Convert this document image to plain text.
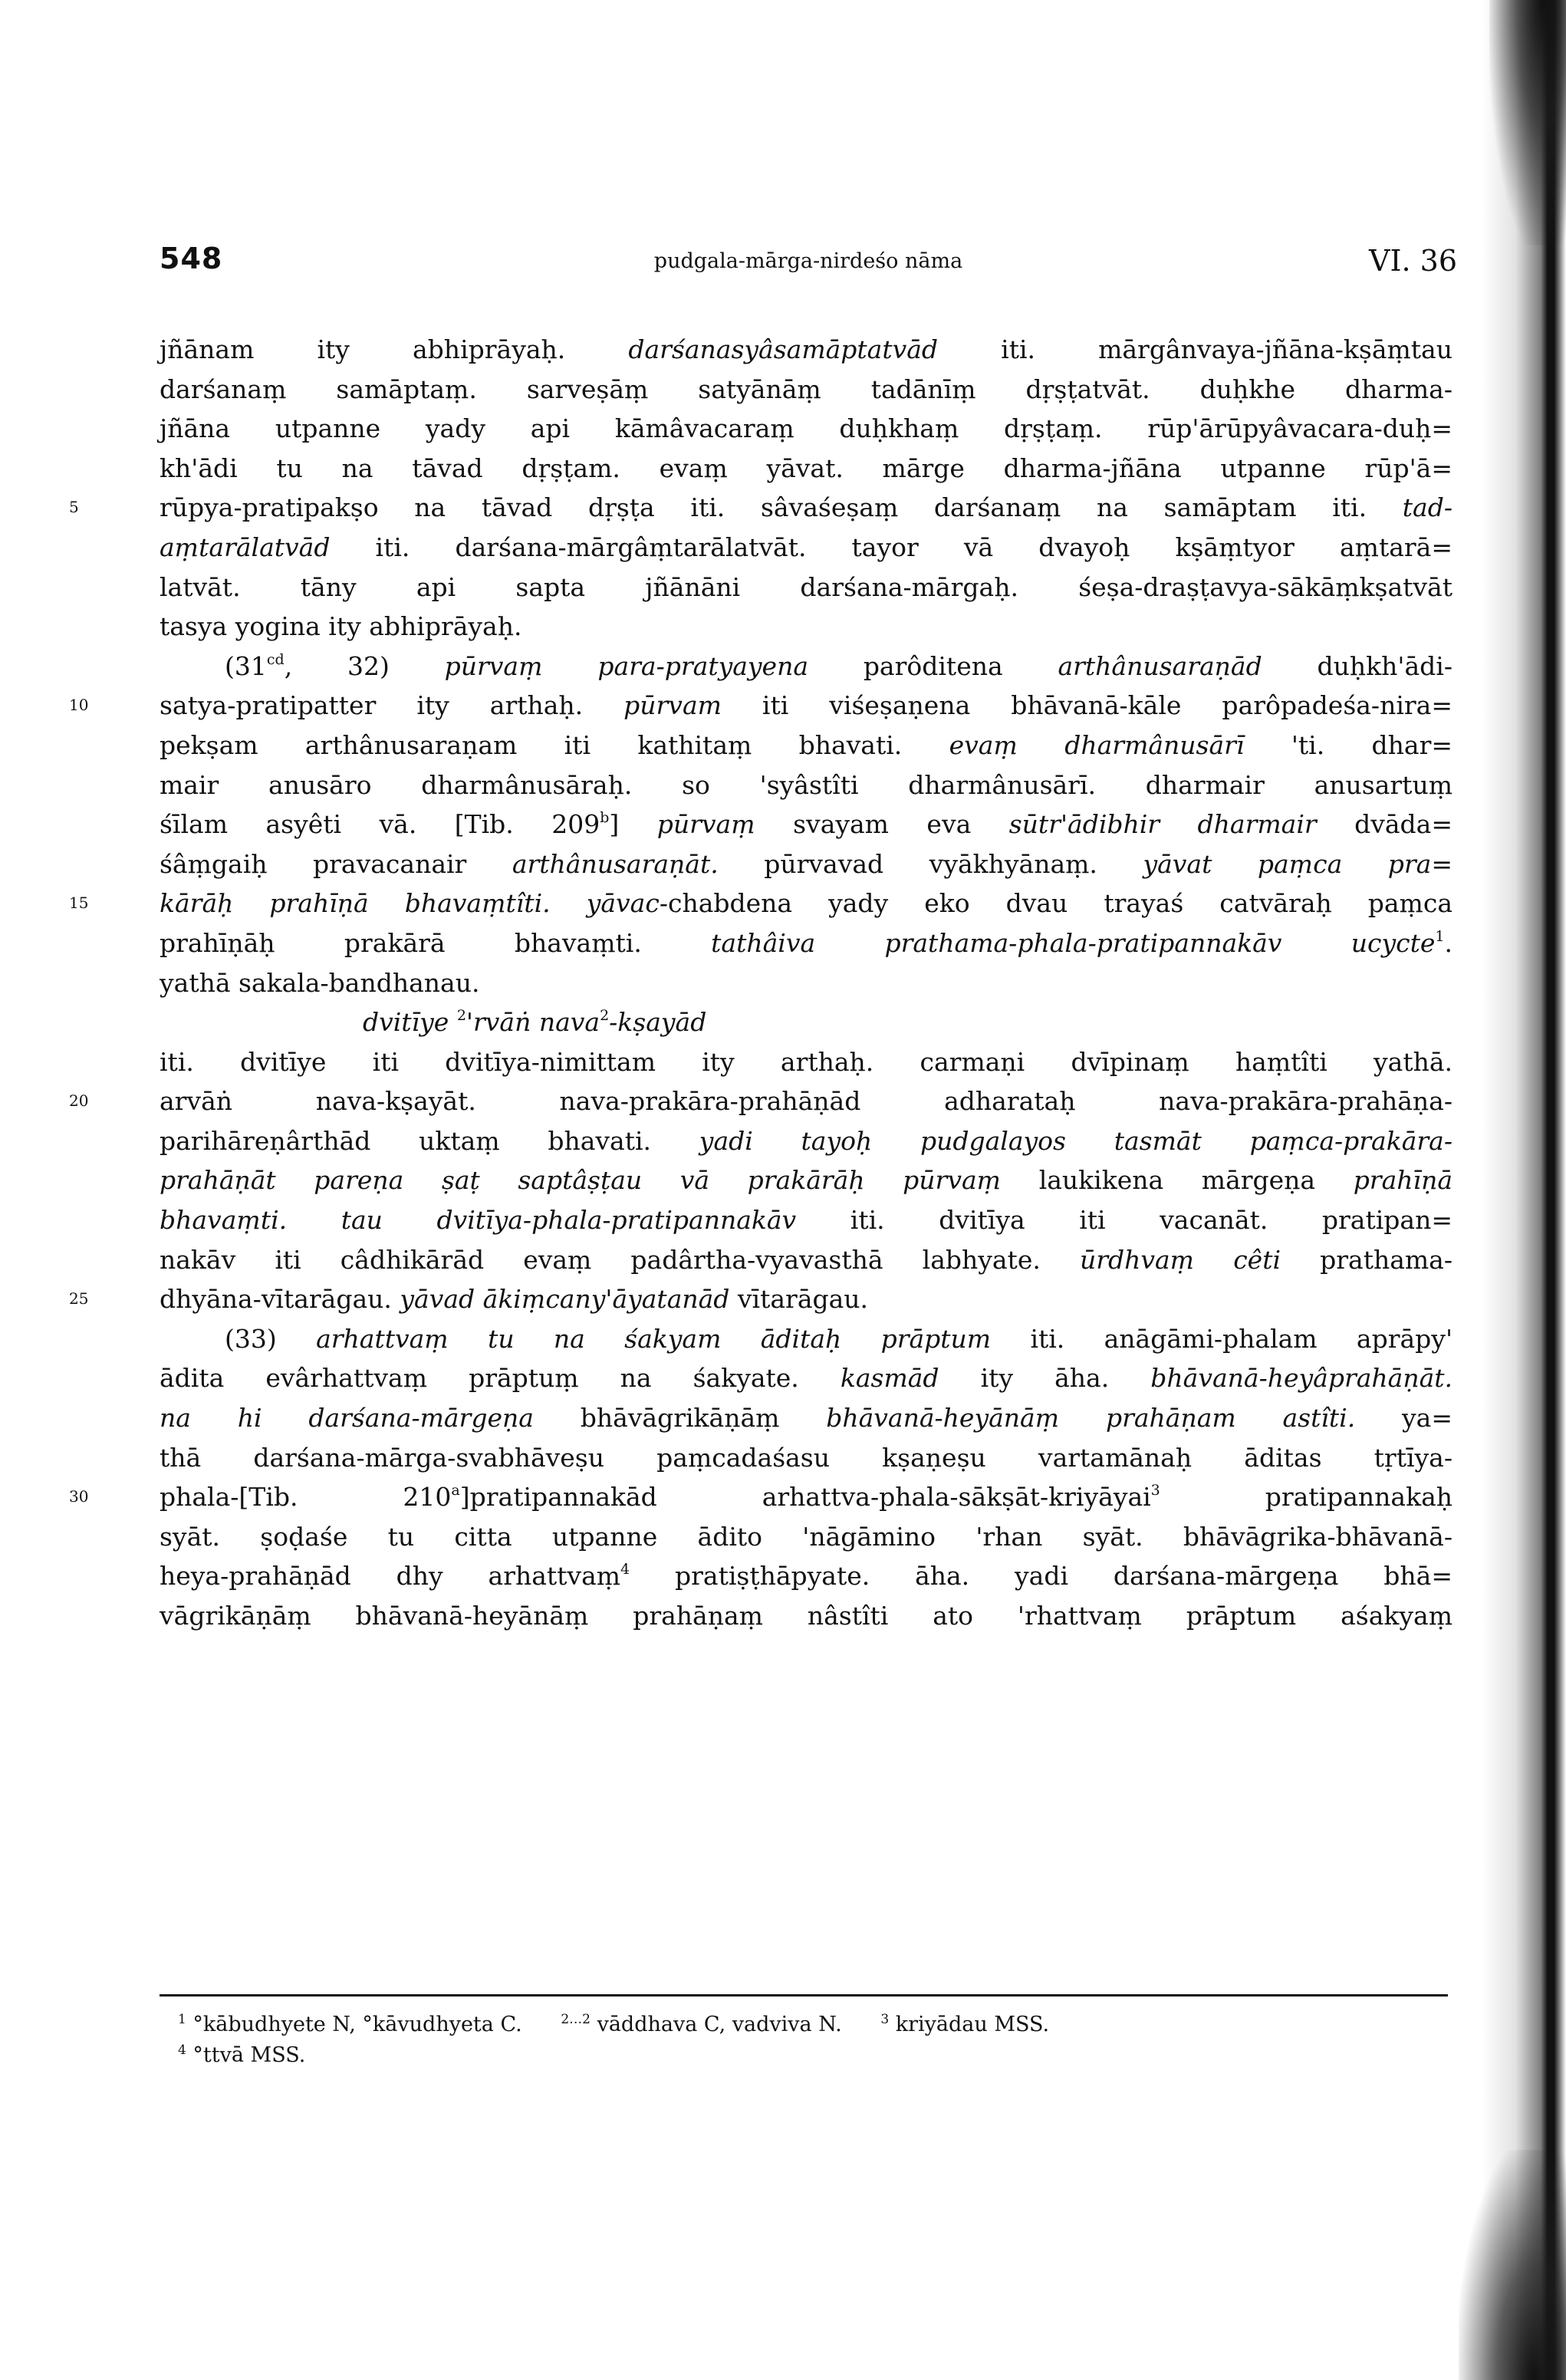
548	pudgala-mārga-nirdeśo nāma	VI. 36
jñānam ity abhiprāyaḥ. darśanasyâsamāptatvād iti. mārgânvaya-jñāna-kṣāṃtau
darśanaṃ samāptaṃ. sarveṣāṃ satyānāṃ tadānīṃ dṛṣṭatvāt. duḥkhe dharma-
jñāna utpanne yady api kāmâvacaraṃ duḥkhaṃ dṛṣṭaṃ. rūp'ārūpyâvacara-duḥ=
kh'ādi tu na tāvad dṛṣṭam. evaṃ yāvat. mārge dharma-jñāna utpanne rūp'ā=
5	rūpya-pratipakṣo na tāvad dṛṣṭa iti. sâvaśeṣaṃ darśanaṃ na samāptam iti. tad-
aṃtarālatvād iti. darśana-mārgâṃtarālatvāt. tayor vā dvayoḥ kṣāṃtyor aṃtarā=
latvāt. tāny api sapta jñānāni darśana-mārgaḥ. śeṣa-draṣṭavya-sākāṃkṣatvāt
tasya yogina ity abhiprāyaḥ.
($31^{cd}$, 32) pūrvaṃ para-pratyayena parôditena arthânusaraṇād duḥkh'ādi-
10	satya-pratipatter ity arthaḥ. pūrvam iti viśeṣaṇena bhāvanā-kāle parôpadeśa-nira=
pekṣam arthânusaraṇam iti kathitaṃ bhavati. evaṃ dharmânusārī 'ti. dhar=
mair anusāro dharmânusāraḥ. so 'syâstîti dharmânusārī. dharmair anusartuṃ
śīlam asyêti vā. [Tib. 209$^b$] pūrvaṃ svayam eva sūtr'ādibhir dharmair dvāda=
śâṃgaiḥ pravacanair arthânusaraṇāt. pūrvavad vyākhyānaṃ. yāvat paṃca pra=
15	kārāḥ prahīṇā bhavaṃtîti. yāvac-chabdena yady eko dvau trayaś catvāraḥ paṃca
prahīṇāḥ prakārā bhavaṃti. tathâiva prathama-phala-pratipannakāv ucycte$^1$.
yathā sakala-bandhanau.
dvitīye $^2$'rvāṅ nava$^2$-kṣayād
iti. dvitīye iti dvitīya-nimittam ity arthaḥ. carmaṇi dvīpinaṃ haṃtîti yathā.
20	arvāṅ nava-kṣayāt. nava-prakāra-prahāṇād adharataḥ nava-prakāra-prahāṇa-
parihāreṇârthād uktaṃ bhavati. yadi tayoḥ pudgalayos tasmāt paṃca-prakāra-
prahāṇāt pareṇa ṣaṭ saptâṣṭau vā prakārāḥ pūrvaṃ laukikena mārgeṇa prahīṇā
bhavaṃti. tau dvitīya-phala-pratipannakāv iti. dvitīya iti vacanāt. pratipan=
nakāv iti câdhikārād evaṃ padârtha-vyavasthā labhyate. ūrdhvaṃ cêti prathama-
25	dhyāna-vītarāgau. yāvad ākiṃcany'āyatanād vītarāgau.
(33) arhattvaṃ tu na śakyam āditaḥ prāptum iti. anāgāmi-phalam aprāpy'
ādita evârhattvaṃ prāptuṃ na śakyate. kasmād ity āha. bhāvanā-heyâprahāṇāt.
na hi darśana-mārgeṇa bhāvāgrikāṇāṃ bhāvanā-heyānāṃ prahāṇam astîti. ya=
thā darśana-mārga-svabhāveṣu paṃcadaśasu kṣaṇeṣu vartamānaḥ āditas tṛtīya-
30	phala-[Tib. 210$^a$]pratipannakād arhattva-phala-sākṣāt-kriyāyai$^3$ pratipannakaḥ
syāt. ṣoḍaśe tu citta utpanne ādito 'nāgāmino 'rhan syāt. bhāvāgrika-bhāvanā-
heya-prahāṇād dhy arhattvaṃ$^4$ pratiṣṭhāpyate. āha. yadi darśana-mārgeṇa bhā=
vāgrikāṇāṃ bhāvanā-heyānāṃ prahāṇaṃ nâstîti ato 'rhattvaṃ prāptum aśakyaṃ
$^1$ °kābudhyete N, °kāvudhyeta C.	$^{2\dots 2}$ vāddhava C, vadviva N.	$^3$ kriyādau MSS.
$^4$ °ttvā MSS.
